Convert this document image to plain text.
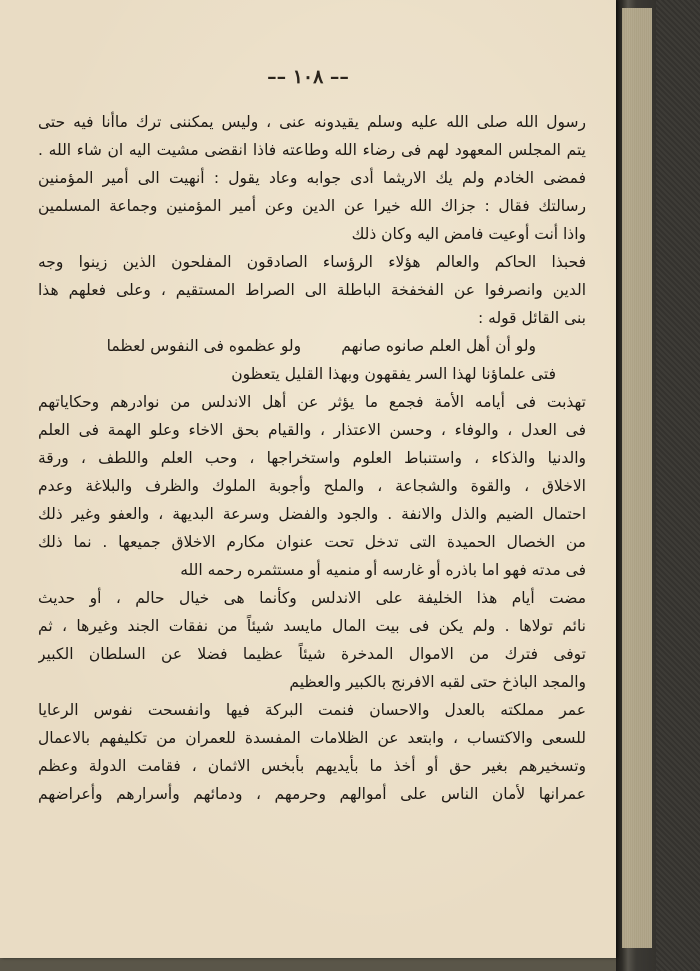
–– ١٠٨ ––
رسول الله صلى الله عليه وسلم يقيدونه عنى ، وليس يمكننى ترك ماأنا فيه حتى
يتم المجلس المعهود لهم فى رضاء الله وطاعته فاذا انقضى مشيت اليه ان شاء الله .
فمضى الخادم ولم يك الاريثما أدى جوابه وعاد يقول : أنهيت الى أمير المؤمنين
رسالتك فقال : جزاك الله خيرا عن الدين وعن أمير المؤمنين وجماعة المسلمين
واذا أنت أوعيت فامض اليه وكان ذلك
فحبذا الحاكم والعالم هؤلاء الرؤساء الصادقون المفلحون الذين زينوا وجه
الدين وانصرفوا عن الفخفخة الباطلة الى الصراط المستقيم ، وعلى فعلهم هذا
بنى القائل قوله :
ولو أن أهل العلم صانوه صانهم ولو عظموه فى النفوس لعظما
فتى علماؤنا لهذا السر يفقهون وبهذا القليل يتعظون
تهذبت فى أيامه الأمة فجمع ما يؤثر عن أهل الاندلس من نوادرهم وحكاياتهم
فى العدل ، والوفاء ، وحسن الاعتذار ، والقيام بحق الاخاء وعلو الهمة فى العلم
والدنيا والذكاء ، واستنباط العلوم واستخراجها ، وحب العلم واللطف ، ورقة
الاخلاق ، والقوة والشجاعة ، والملح وأجوبة الملوك والظرف والبلاغة وعدم
احتمال الضيم والذل والانفة . والجود والفضل وسرعة البديهة ، والعفو وغير ذلك
من الخصال الحميدة التى تدخل تحت عنوان مكارم الاخلاق جميعها . نما ذلك
فى مدته فهو اما باذره أو غارسه أو منميه أو مستثمره رحمه الله
مضت أيام هذا الخليفة على الاندلس وكأنما هى خيال حالم ، أو حديث
نائم تولاها . ولم يكن فى بيت المال مايسد شيئاً من نفقات الجند وغيرها ، ثم
توفى فترك من الاموال المدخرة شيئاً عظيما فضلا عن السلطان الكبير
والمجد الباذخ حتى لقبه الافرنج بالكبير والعظيم
عمر مملكته بالعدل والاحسان فنمت البركة فيها وانفسحت نفوس الرعايا
للسعى والاكتساب ، وابتعد عن الظلامات المفسدة للعمران من تكليفهم بالاعمال
وتسخيرهم بغير حق أو أخذ ما بأيديهم بأبخس الاثمان ، فقامت الدولة وعظم
عمرانها لأمان الناس على أموالهم وحرمهم ، ودمائهم وأسرارهم وأعراضهم
